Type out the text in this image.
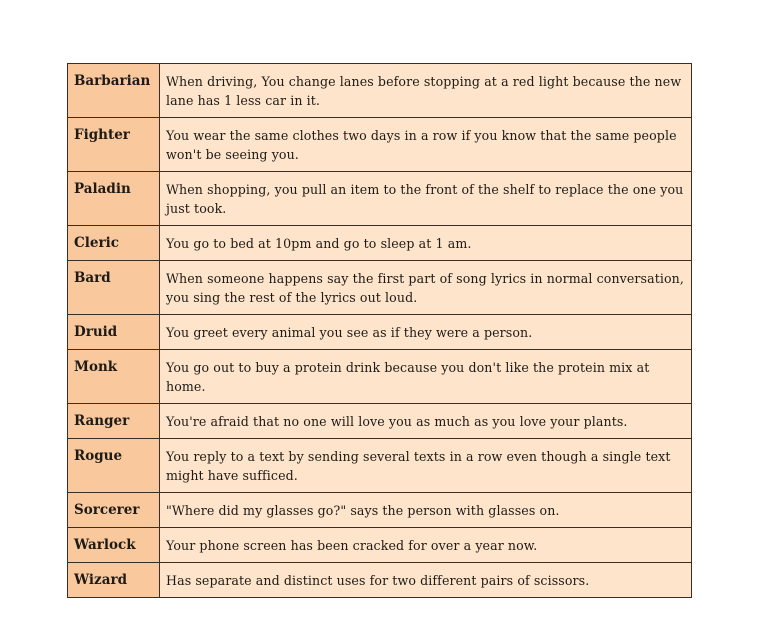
Barbarian	When driving, You change lanes before stopping at a red light because the new lane has 1 less car in it.
Fighter	You wear the same clothes two days in a row if you know that the same people won't be seeing you.
Paladin	When shopping, you pull an item to the front of the shelf to replace the one you just took.
Cleric	You go to bed at 10pm and go to sleep at 1 am.
Bard	When someone happens say the first part of song lyrics in normal conversation, you sing the rest of the lyrics out loud.
Druid	You greet every animal you see as if they were a person.
Monk	You go out to buy a protein drink because you don't like the protein mix at home.
Ranger	You're afraid that no one will love you as much as you love your plants.
Rogue	You reply to a text by sending several texts in a row even though a single text might have sufficed.
Sorcerer	"Where did my glasses go?" says the person with glasses on.
Warlock	Your phone screen has been cracked for over a year now.
Wizard	Has separate and distinct uses for two different pairs of scissors.
